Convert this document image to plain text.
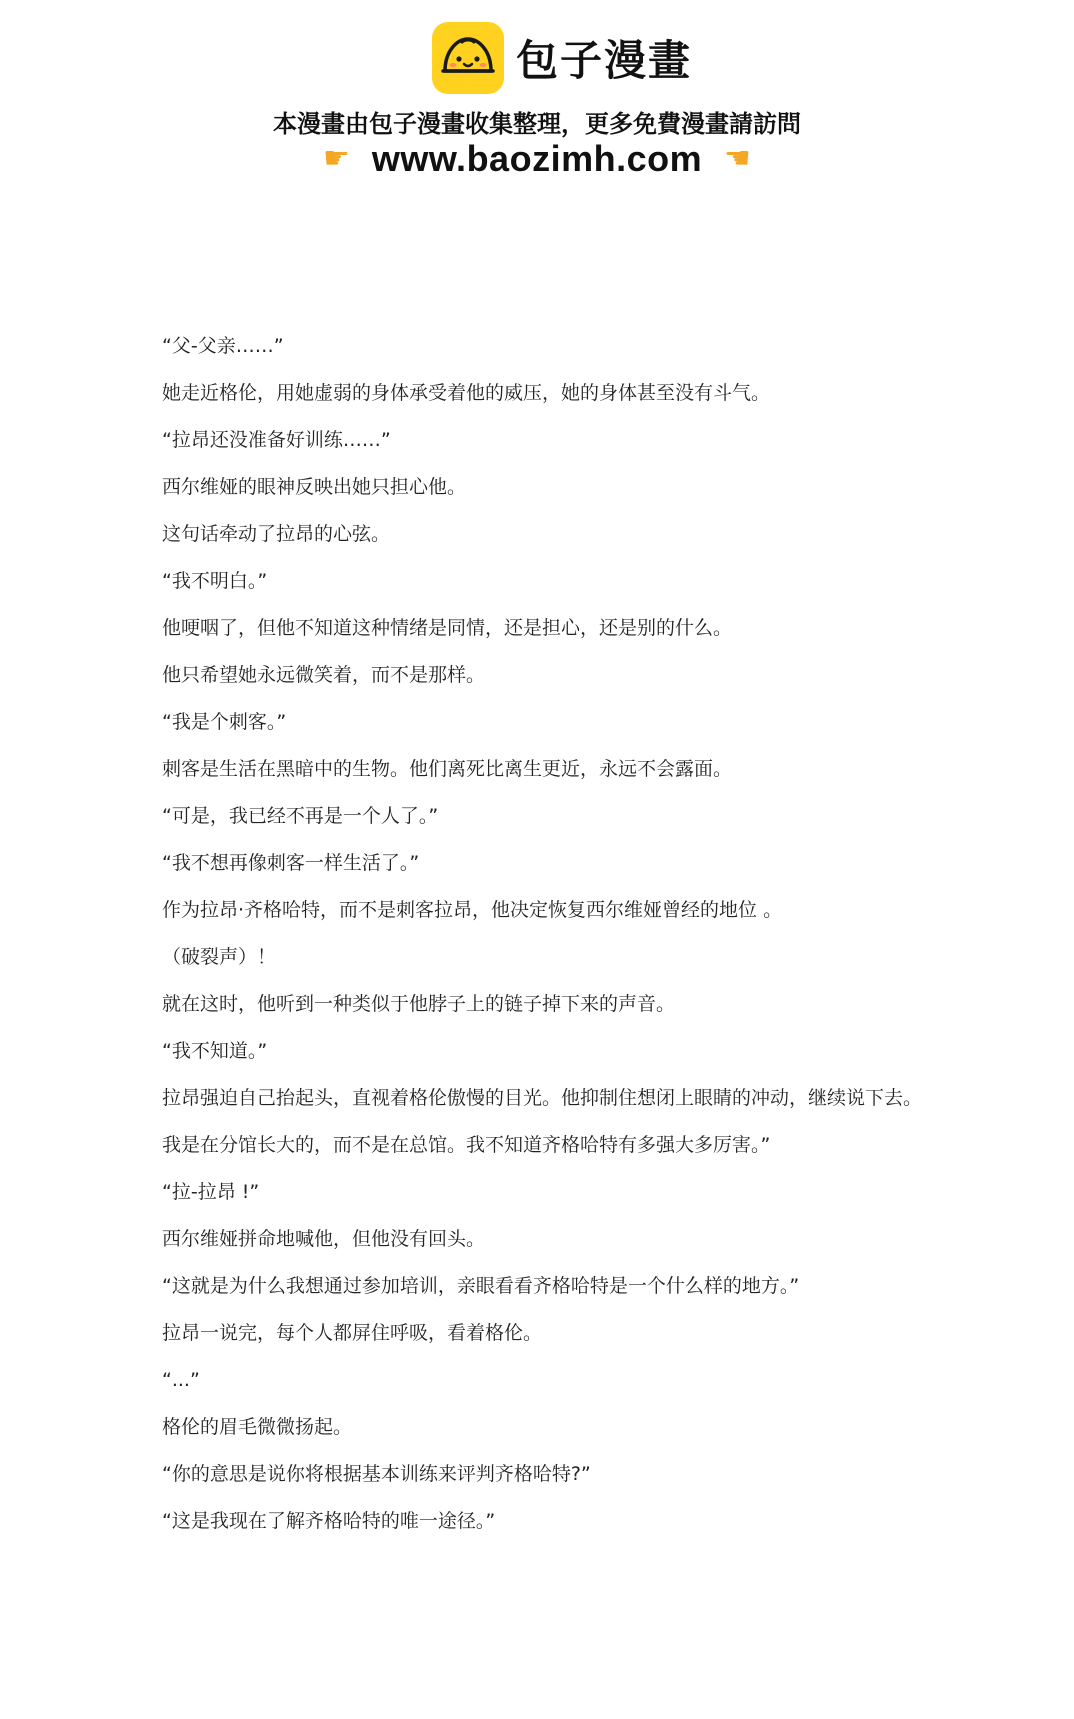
包子漫畫
本漫畫由包子漫畫收集整理，更多免費漫畫請訪問
☛ www.baozimh.com ☛

“父-父亲……”

她走近格伦，用她虚弱的身体承受着他的威压，她的身体甚至没有斗气。

“拉昂还没准备好训练……”

西尔维娅的眼神反映出她只担心他。

这句话牵动了拉昂的心弦。

“我不明白。”

他哽咽了，但他不知道这种情绪是同情，还是担心，还是别的什么。

他只希望她永远微笑着，而不是那样。

“我是个刺客。”

刺客是生活在黑暗中的生物。他们离死比离生更近，永远不会露面。

“可是，我已经不再是一个人了。”

“我不想再像刺客一样生活了。”

作为拉昂·齐格哈特，而不是刺客拉昂，他决定恢复西尔维娅曾经的地位 。

（破裂声）！

就在这时，他听到一种类似于他脖子上的链子掉下来的声音。

“我不知道。”

拉昂强迫自己抬起头，直视着格伦傲慢的目光。他抑制住想闭上眼睛的冲动，继续说下去。

我是在分馆长大的，而不是在总馆。我不知道齐格哈特有多强大多厉害。”

“拉-拉昂 !”

西尔维娅拼命地喊他，但他没有回头。

“这就是为什么我想通过参加培训，亲眼看看齐格哈特是一个什么样的地方。”

拉昂一说完，每个人都屏住呼吸，看着格伦。

“...”

格伦的眉毛微微扬起。

“你的意思是说你将根据基本训练来评判齐格哈特?”

“这是我现在了解齐格哈特的唯一途径。”
